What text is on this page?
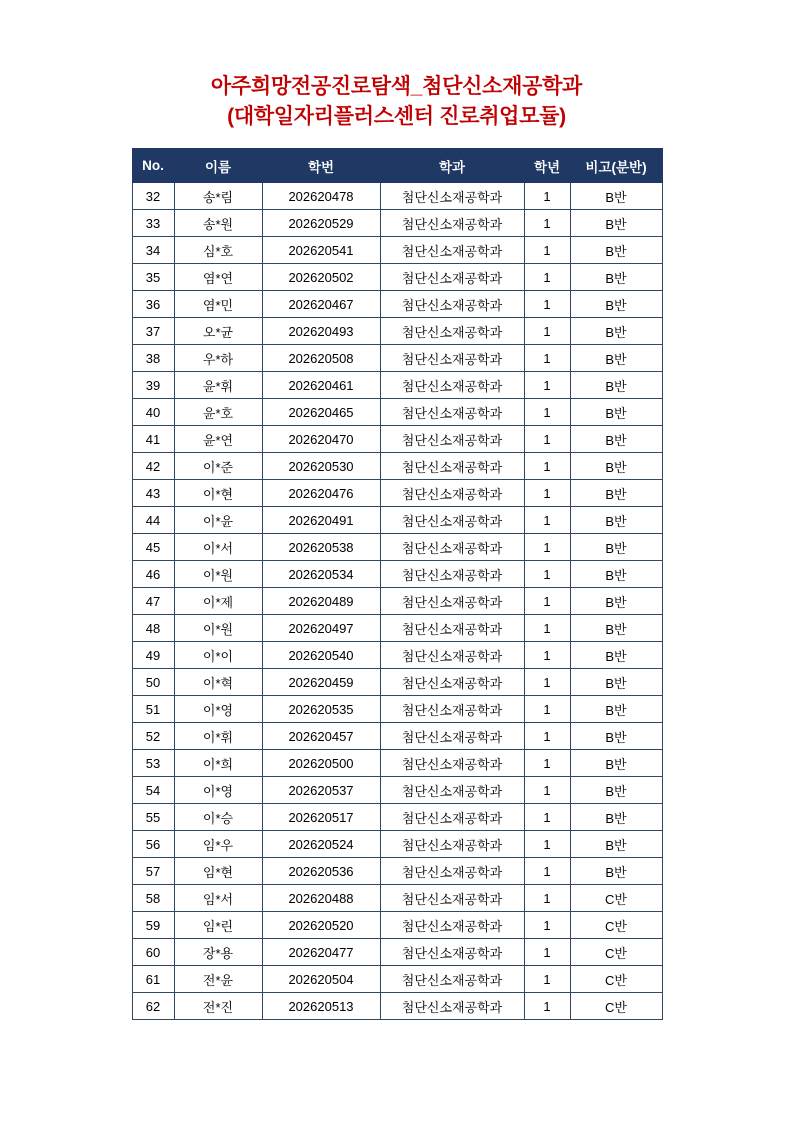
아주희망전공진로탐색_첨단신소재공학과
(대학일자리플러스센터 진로취업모듈)
No.	이름	학번	학과	학년	비고(분반)
32	송*림	202620478	첨단신소재공학과	1	B반
33	송*원	202620529	첨단신소재공학과	1	B반
34	심*호	202620541	첨단신소재공학과	1	B반
35	염*연	202620502	첨단신소재공학과	1	B반
36	염*민	202620467	첨단신소재공학과	1	B반
37	오*균	202620493	첨단신소재공학과	1	B반
38	우*하	202620508	첨단신소재공학과	1	B반
39	윤*휘	202620461	첨단신소재공학과	1	B반
40	윤*호	202620465	첨단신소재공학과	1	B반
41	윤*연	202620470	첨단신소재공학과	1	B반
42	이*준	202620530	첨단신소재공학과	1	B반
43	이*현	202620476	첨단신소재공학과	1	B반
44	이*윤	202620491	첨단신소재공학과	1	B반
45	이*서	202620538	첨단신소재공학과	1	B반
46	이*원	202620534	첨단신소재공학과	1	B반
47	이*제	202620489	첨단신소재공학과	1	B반
48	이*원	202620497	첨단신소재공학과	1	B반
49	이*이	202620540	첨단신소재공학과	1	B반
50	이*혁	202620459	첨단신소재공학과	1	B반
51	이*영	202620535	첨단신소재공학과	1	B반
52	이*휘	202620457	첨단신소재공학과	1	B반
53	이*희	202620500	첨단신소재공학과	1	B반
54	이*영	202620537	첨단신소재공학과	1	B반
55	이*승	202620517	첨단신소재공학과	1	B반
56	임*우	202620524	첨단신소재공학과	1	B반
57	임*현	202620536	첨단신소재공학과	1	B반
58	임*서	202620488	첨단신소재공학과	1	C반
59	임*린	202620520	첨단신소재공학과	1	C반
60	장*용	202620477	첨단신소재공학과	1	C반
61	전*윤	202620504	첨단신소재공학과	1	C반
62	전*진	202620513	첨단신소재공학과	1	C반
